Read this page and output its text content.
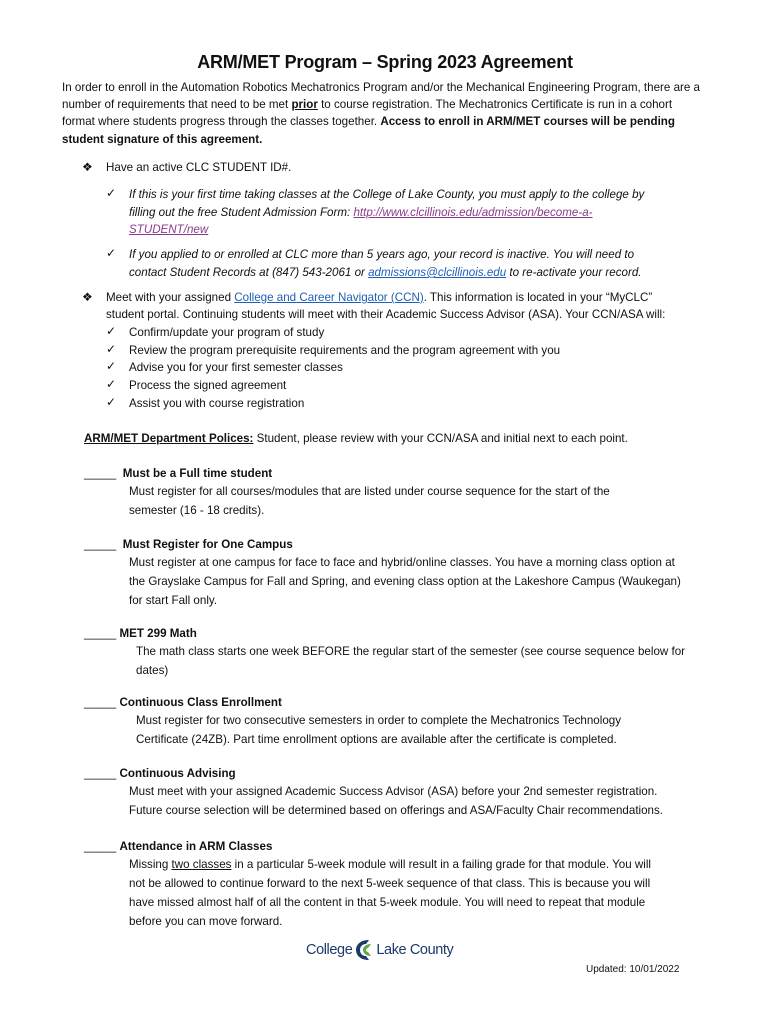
ARM/MET Program – Spring 2023 Agreement
In order to enroll in the Automation Robotics Mechatronics Program and/or the Mechanical Engineering Program, there are a number of requirements that need to be met prior to course registration. The Mechatronics Certificate is run in a cohort format where students progress through the classes together. Access to enroll in ARM/MET courses will be pending student signature of this agreement.
❖ Have an active CLC STUDENT ID#.
✓ If this is your first time taking classes at the College of Lake County, you must apply to the college by
filling out the free Student Admission Form: http://www.clcillinois.edu/admission/become-a-
STUDENT/new
✓ If you applied to or enrolled at CLC more than 5 years ago, your record is inactive. You will need to
contact Student Records at (847) 543-2061 or admissions@clcillinois.edu to re-activate your record.
❖ Meet with your assigned College and Career Navigator (CCN). This information is located in your “MyCLC”
student portal. Continuing students will meet with their Academic Success Advisor (ASA). Your CCN/ASA will:
✓ Confirm/update your program of study
✓ Review the program prerequisite requirements and the program agreement with you
✓ Advise you for your first semester classes
✓ Process the signed agreement
✓ Assist you with course registration
ARM/MET Department Polices: Student, please review with your CCN/ASA and initial next to each point.
_____ Must be a Full time student
Must register for all courses/modules that are listed under course sequence for the start of the
semester (16 - 18 credits).
_____ Must Register for One Campus
Must register at one campus for face to face and hybrid/online classes. You have a morning class option at
the Grayslake Campus for Fall and Spring, and evening class option at the Lakeshore Campus (Waukegan)
for start Fall only.
_____ MET 299 Math
The math class starts one week BEFORE the regular start of the semester (see course sequence below for
dates)
_____ Continuous Class Enrollment
Must register for two consecutive semesters in order to complete the Mechatronics Technology
Certificate (24ZB). Part time enrollment options are available after the certificate is completed.
_____ Continuous Advising
Must meet with your assigned Academic Success Advisor (ASA) before your 2nd semester registration.
Future course selection will be determined based on offerings and ASA/Faculty Chair recommendations.
_____ Attendance in ARM Classes
Missing two classes in a particular 5-week module will result in a failing grade for that module. You will
not be allowed to continue forward to the next 5-week sequence of that class. This is because you will
have missed almost half of all the content in that 5-week module. You will need to repeat that module
before you can move forward.
College Lake County
Updated: 10/01/2022
